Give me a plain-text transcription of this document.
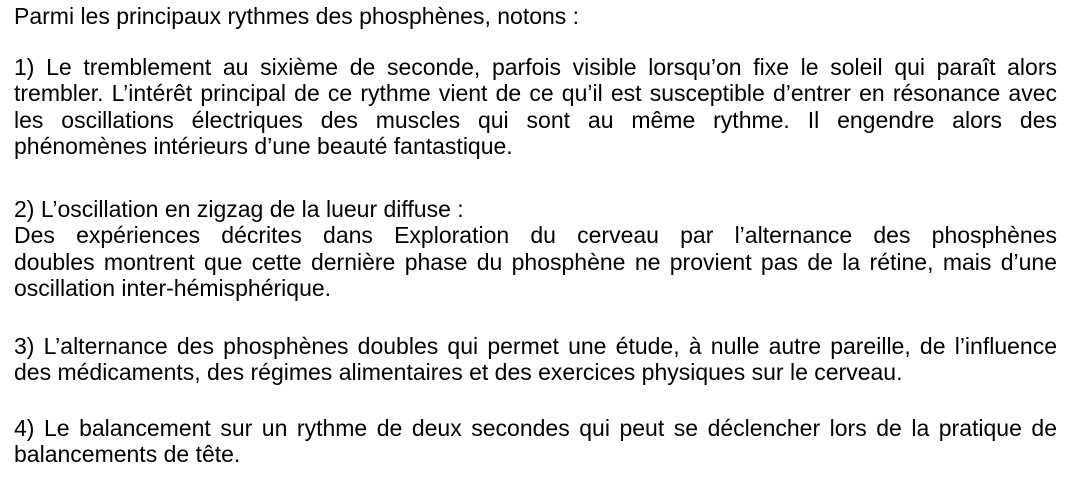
Parmi les principaux rythmes des phosphènes, notons :

1) Le tremblement au sixième de seconde, parfois visible lorsqu’on fixe le soleil qui paraît alors

trembler. L’intérêt principal de ce rythme vient de ce qu’il est susceptible d’entrer en résonance avec

les oscillations électriques des muscles qui sont au même rythme. Il engendre alors des

phénomènes intérieurs d’une beauté fantastique.

2) L’oscillation en zigzag de la lueur diffuse :

Des expériences décrites dans Exploration du cerveau par l’alternance des phosphènes

doubles montrent que cette dernière phase du phosphène ne provient pas de la rétine, mais d’une

oscillation inter-hémisphérique.

3) L’alternance des phosphènes doubles qui permet une étude, à nulle autre pareille, de l’influence

des médicaments, des régimes alimentaires et des exercices physiques sur le cerveau.

4) Le balancement sur un rythme de deux secondes qui peut se déclencher lors de la pratique de

balancements de tête.
